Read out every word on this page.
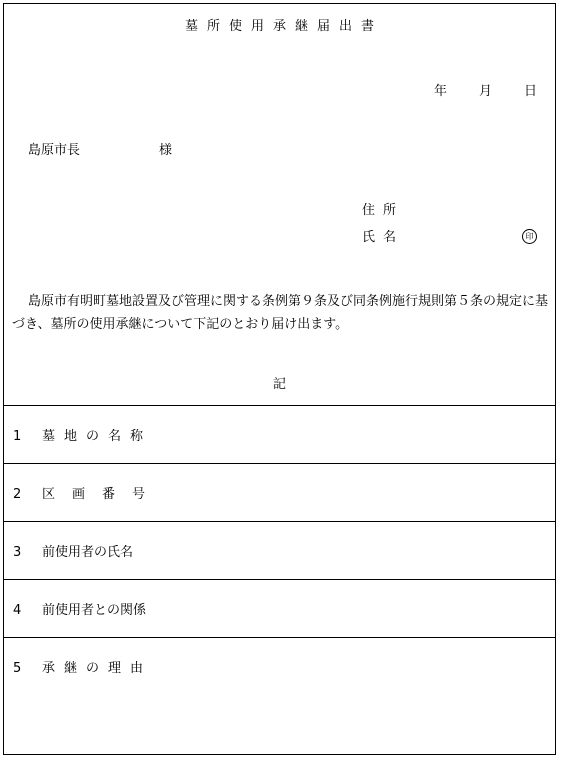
墓所使用承継届出書
年 月 日
島原市長	様
住所
氏名	印
島原市有明町墓地設置及び管理に関する条例第９条及び同条例施行規則第５条の規定に基づき、墓所の使用承継について下記のとおり届け出ます。
記
1 墓地の名称
2 区画番号
3 前使用者の氏名
4 前使用者との関係
5 承継の理由
